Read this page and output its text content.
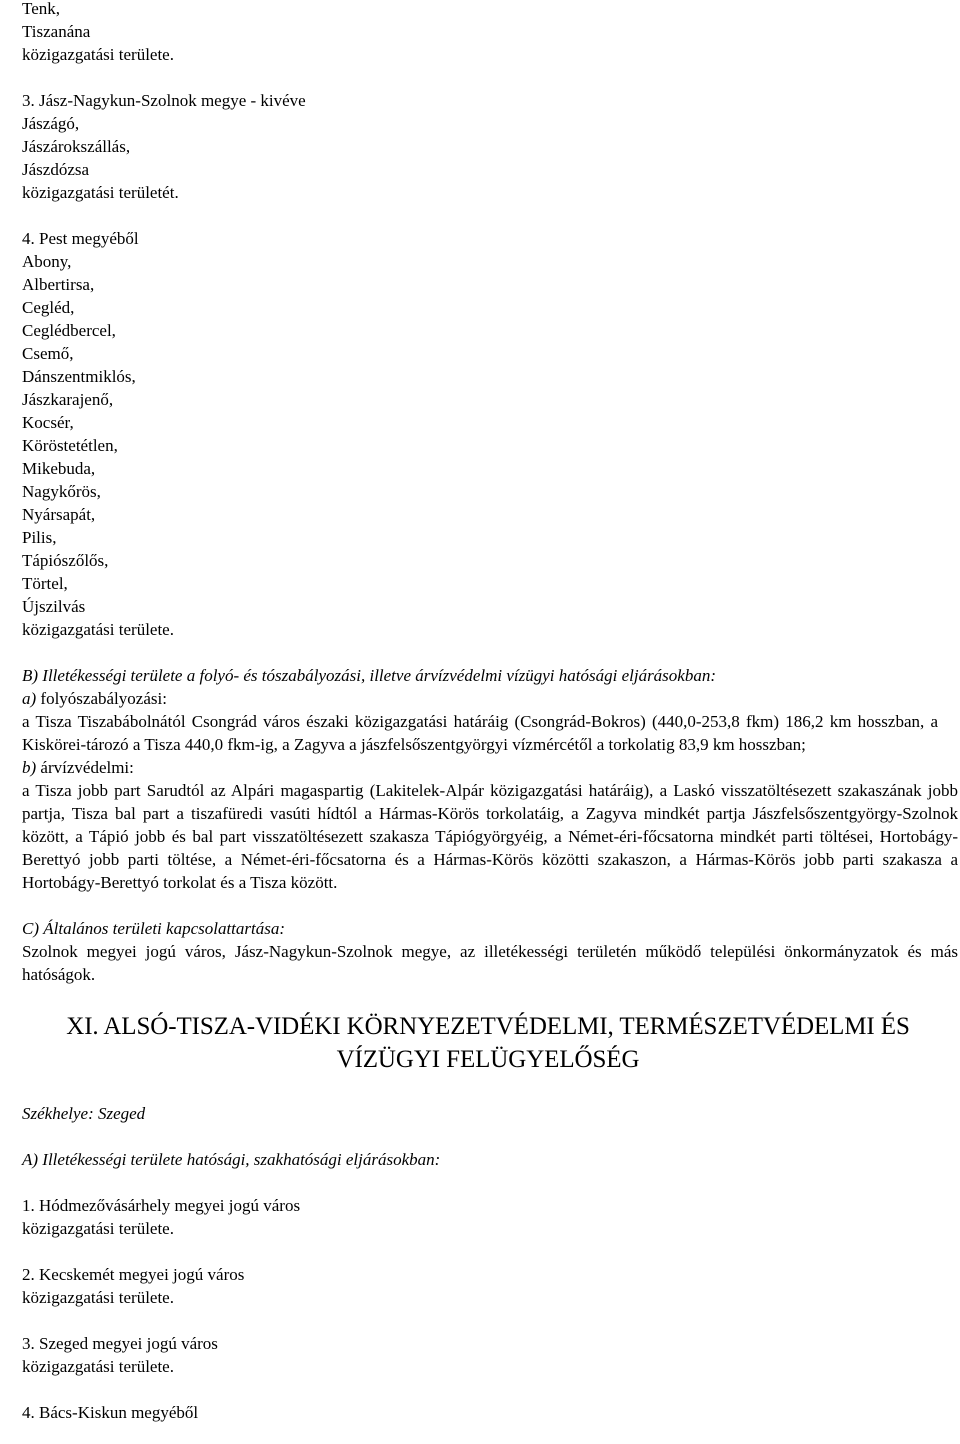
Tenk,
Tiszanána
közigazgatási területe.
3. Jász-Nagykun-Szolnok megye - kivéve
Jászágó,
Jászárokszállás,
Jászdózsa
közigazgatási területét.
4. Pest megyéből
Abony,
Albertirsa,
Cegléd,
Ceglédbercel,
Csemő,
Dánszentmiklós,
Jászkarajenő,
Kocsér,
Köröstetétlen,
Mikebuda,
Nagykőrös,
Nyársapát,
Pilis,
Tápiószőlős,
Törtel,
Újszilvás
közigazgatási területe.
B) Illetékességi területe a folyó- és tószabályozási, illetve árvízvédelmi vízügyi hatósági eljárásokban:
a) folyószabályozási:
a Tisza Tiszabábolnától Csongrád város északi közigazgatási határáig (Csongrád-Bokros) (440,0-253,8 fkm) 186,2 km hosszban, a Kiskörei-tározó a Tisza 440,0 fkm-ig, a Zagyva a jászfelsőszentgyörgyi vízmércétől a torkolatig 83,9 km hosszban;
b) árvízvédelmi:
a Tisza jobb part Sarudtól az Alpári magaspartig (Lakitelek-Alpár közigazgatási határáig), a Laskó visszatöltésezett szakaszának jobb partja, Tisza bal part a tiszafüredi vasúti hídtól a Hármas-Körös torkolatáig, a Zagyva mindkét partja Jászfelsőszentgyörgy-Szolnok között, a Tápió jobb és bal part visszatöltésezett szakasza Tápiógyörgyéig, a Német-éri-főcsatorna mindkét parti töltései, Hortobágy-Berettyó jobb parti töltése, a Német-éri-főcsatorna és a Hármas-Körös közötti szakaszon, a Hármas-Körös jobb parti szakasza a Hortobágy-Berettyó torkolat és a Tisza között.
C) Általános területi kapcsolattartása:
Szolnok megyei jogú város, Jász-Nagykun-Szolnok megye, az illetékességi területén működő települési önkormányzatok és más hatóságok.
XI. ALSÓ-TISZA-VIDÉKI KÖRNYEZETVÉDELMI, TERMÉSZETVÉDELMI ÉS
VÍZÜGYI FELÜGYELŐSÉG
Székhelye: Szeged
A) Illetékességi területe hatósági, szakhatósági eljárásokban:
1. Hódmezővásárhely megyei jogú város
közigazgatási területe.
2. Kecskemét megyei jogú város
közigazgatási területe.
3. Szeged megyei jogú város
közigazgatási területe.
4. Bács-Kiskun megyéből
